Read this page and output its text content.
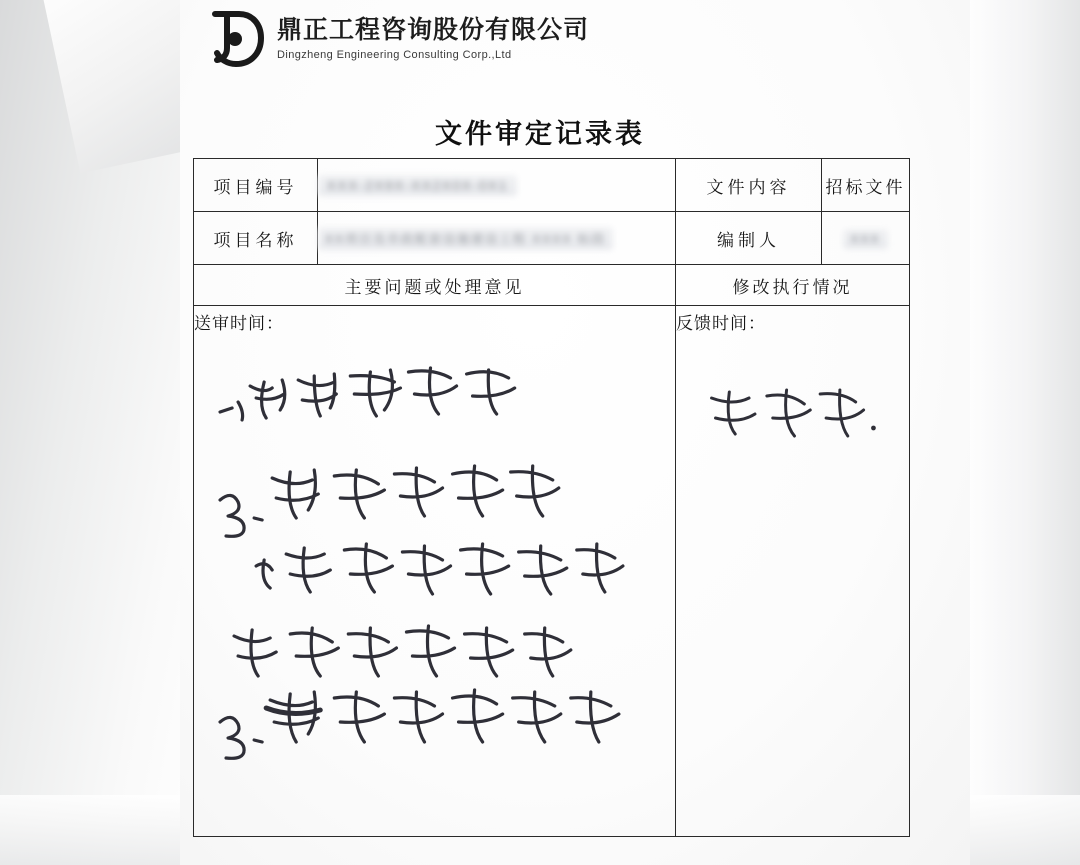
鼎正工程咨询股份有限公司
Dingzheng Engineering Consulting Corp.,Ltd
文件审定记录表
项目编号	XXX-2X9X-XX2X0X-0X1	文件内容	招标文件
项目名称	XX项目及市政配套设施建设工程 XXXX 标段	编制人	XXX
主要问题或处理意见		修改执行情况	
送审时间：		反馈时间：	
